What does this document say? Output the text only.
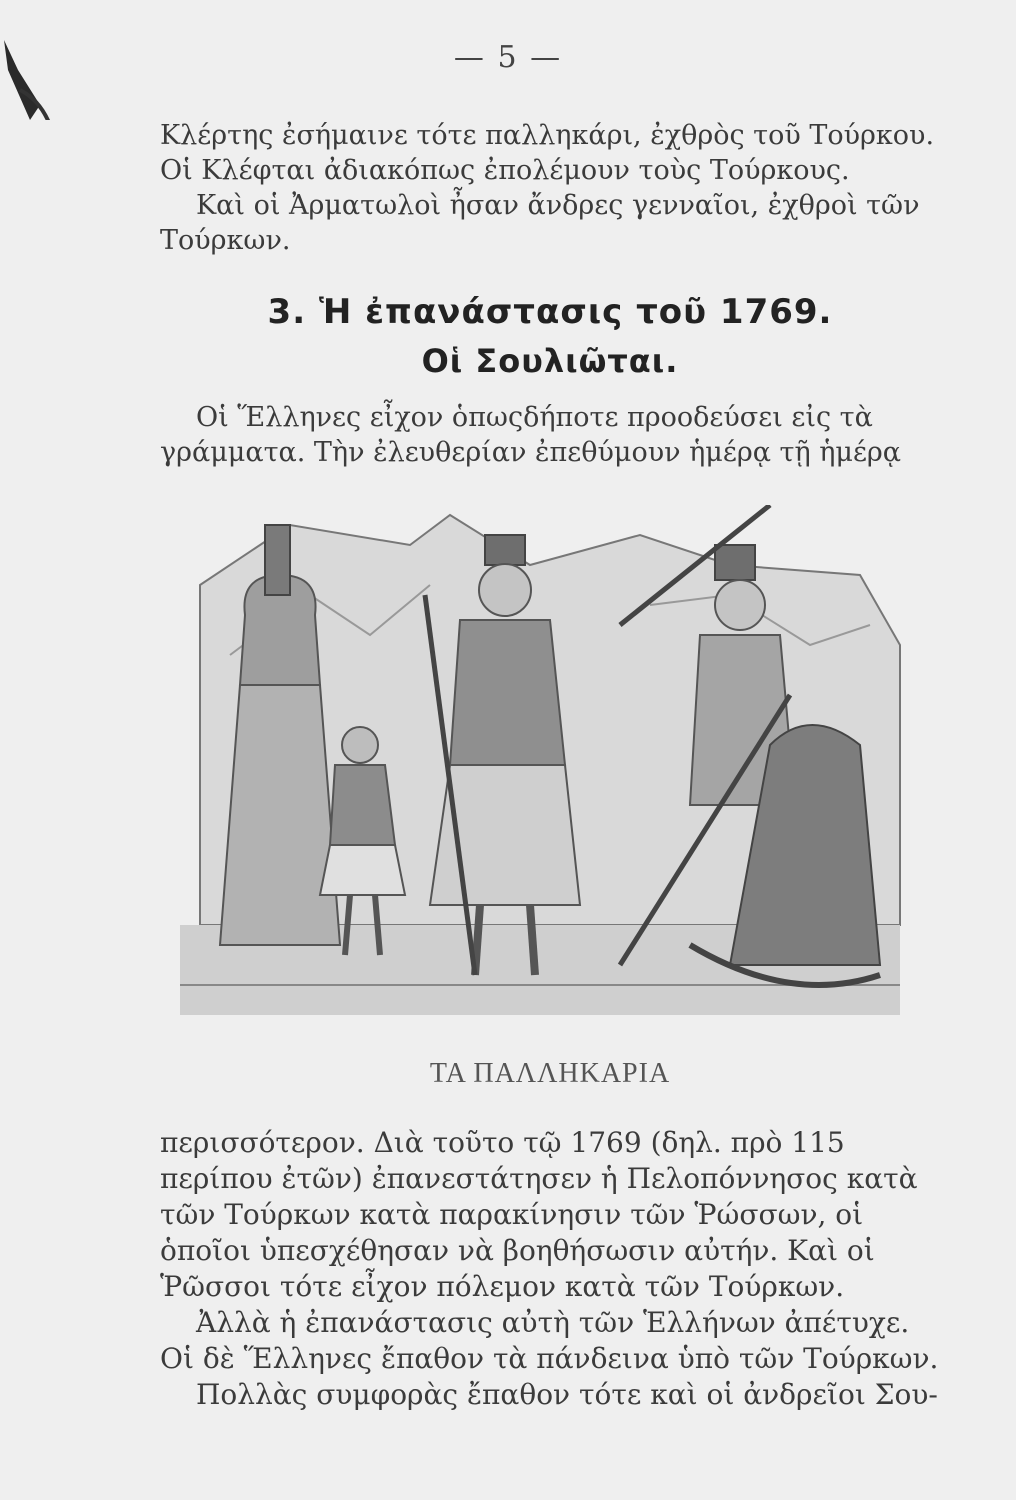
— 5 —

Κλέρτης ἐσήμαινε τότε παλληκάρι, ἐχθρὸς τοῦ Τούρκου.

Οἱ Κλέφται ἀδιακόπως ἐπολέμουν τοὺς Τούρκους.

Καὶ οἱ Ἀρματωλοὶ ἦσαν ἄνδρες γενναῖοι, ἐχθροὶ τῶν Τούρκων.

3. Ἡ ἐπανάστασις τοῦ 1769.
Οἱ Σουλιῶται.

Οἱ Ἕλληνες εἶχον ὁπωςδήποτε προοδεύσει εἰς τὰ γράμματα. Τὴν ἐλευθερίαν ἐπεθύμουν ἡμέρᾳ τῇ ἡμέρᾳ

ΤΑ ΠΑΛΛΗΚΑΡΙΑ

περισσότερον. Διὰ τοῦτο τῷ 1769 (δηλ. πρὸ 115 περίπου ἐτῶν) ἐπανεστάτησεν ἡ Πελοπόννησος κατὰ τῶν Τούρκων κατὰ παρακίνησιν τῶν Ῥώσσων, οἱ ὁποῖοι ὑπεσχέθησαν νὰ βοηθήσωσιν αὐτήν. Καὶ οἱ Ῥῶσσοι τότε εἶχον πόλεμον κατὰ τῶν Τούρκων.

Ἀλλὰ ἡ ἐπανάστασις αὐτὴ τῶν Ἑλλήνων ἀπέτυχε.

Οἱ δὲ Ἕλληνες ἔπαθον τὰ πάνδεινα ὑπὸ τῶν Τούρκων.

Πολλὰς συμφορὰς ἔπαθον τότε καὶ οἱ ἀνδρεῖοι Σου-
